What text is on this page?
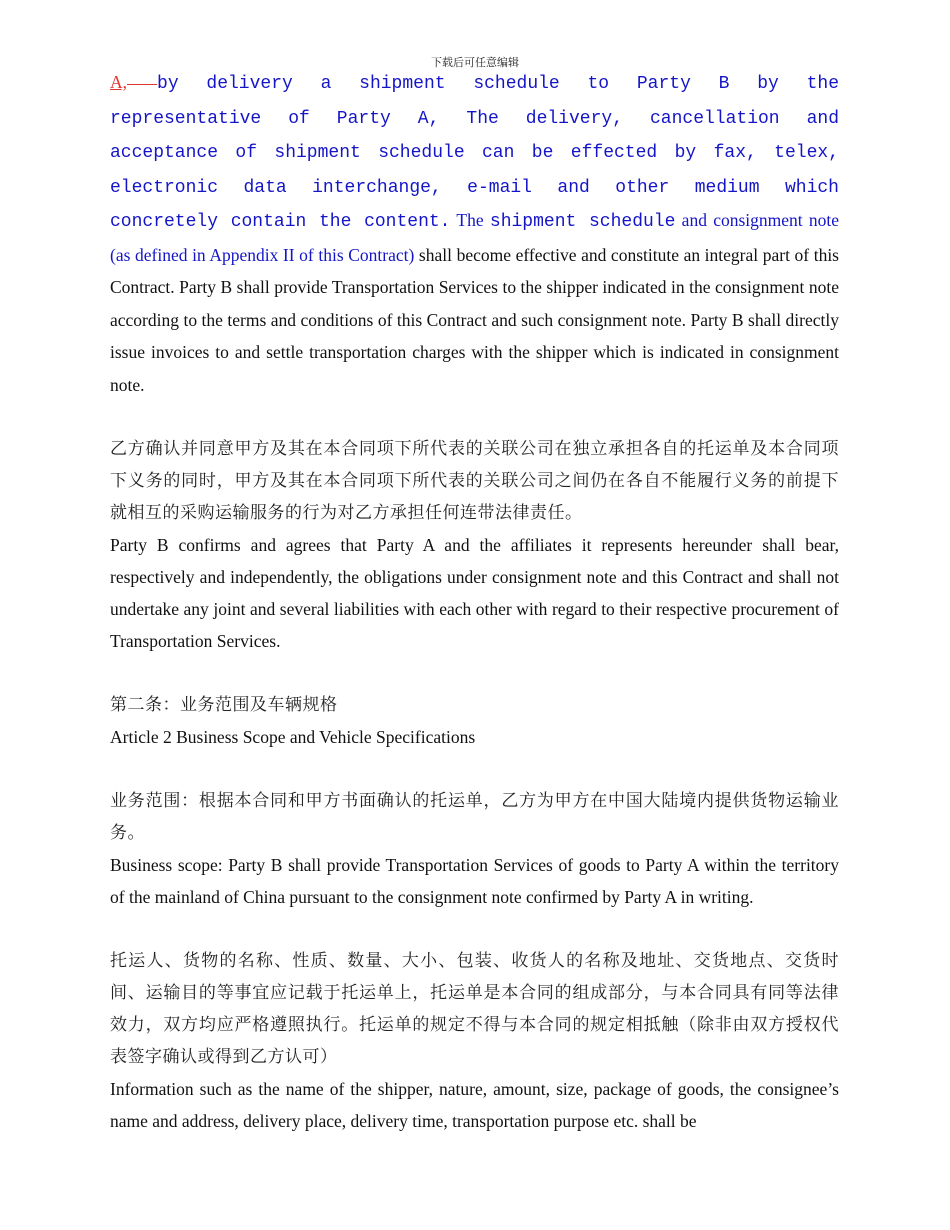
下载后可任意编辑

A, by delivery a shipment schedule to Party B by the representative of Party A, The delivery, cancellation and acceptance of shipment schedule can be effected by fax, telex, electronic data interchange, e-mail and other medium which concretely contain the content. The shipment schedule and consignment note (as defined in Appendix II of this Contract) shall become effective and constitute an integral part of this Contract. Party B shall provide Transportation Services to the shipper indicated in the consignment note according to the terms and conditions of this Contract and such consignment note. Party B shall directly issue invoices to and settle transportation charges with the shipper which is indicated in consignment note.

乙方确认并同意甲方及其在本合同项下所代表的关联公司在独立承担各自的托运单及本合同项下义务的同时，甲方及其在本合同项下所代表的关联公司之间仍在各自不能履行义务的前提下就相互的采购运输服务的行为对乙方承担任何连带法律责任。

Party B confirms and agrees that Party A and the affiliates it represents hereunder shall bear, respectively and independently, the obligations under consignment note and this Contract and shall not undertake any joint and several liabilities with each other with regard to their respective procurement of Transportation Services.

第二条：业务范围及车辆规格

Article 2 Business Scope and Vehicle Specifications

业务范围：根据本合同和甲方书面确认的托运单，乙方为甲方在中国大陆境内提供货物运输业务。

Business scope: Party B shall provide Transportation Services of goods to Party A within the territory of the mainland of China pursuant to the consignment note confirmed by Party A in writing.

托运人、货物的名称、性质、数量、大小、包装、收货人的名称及地址、交货地点、交货时间、运输目的等事宜应记载于托运单上，托运单是本合同的组成部分，与本合同具有同等法律效力，双方均应严格遵照执行。托运单的规定不得与本合同的规定相抵触（除非由双方授权代表签字确认或得到乙方认可）

Information such as the name of the shipper, nature, amount, size, package of goods, the consignee’s name and address, delivery place, delivery time, transportation purpose etc. shall be
